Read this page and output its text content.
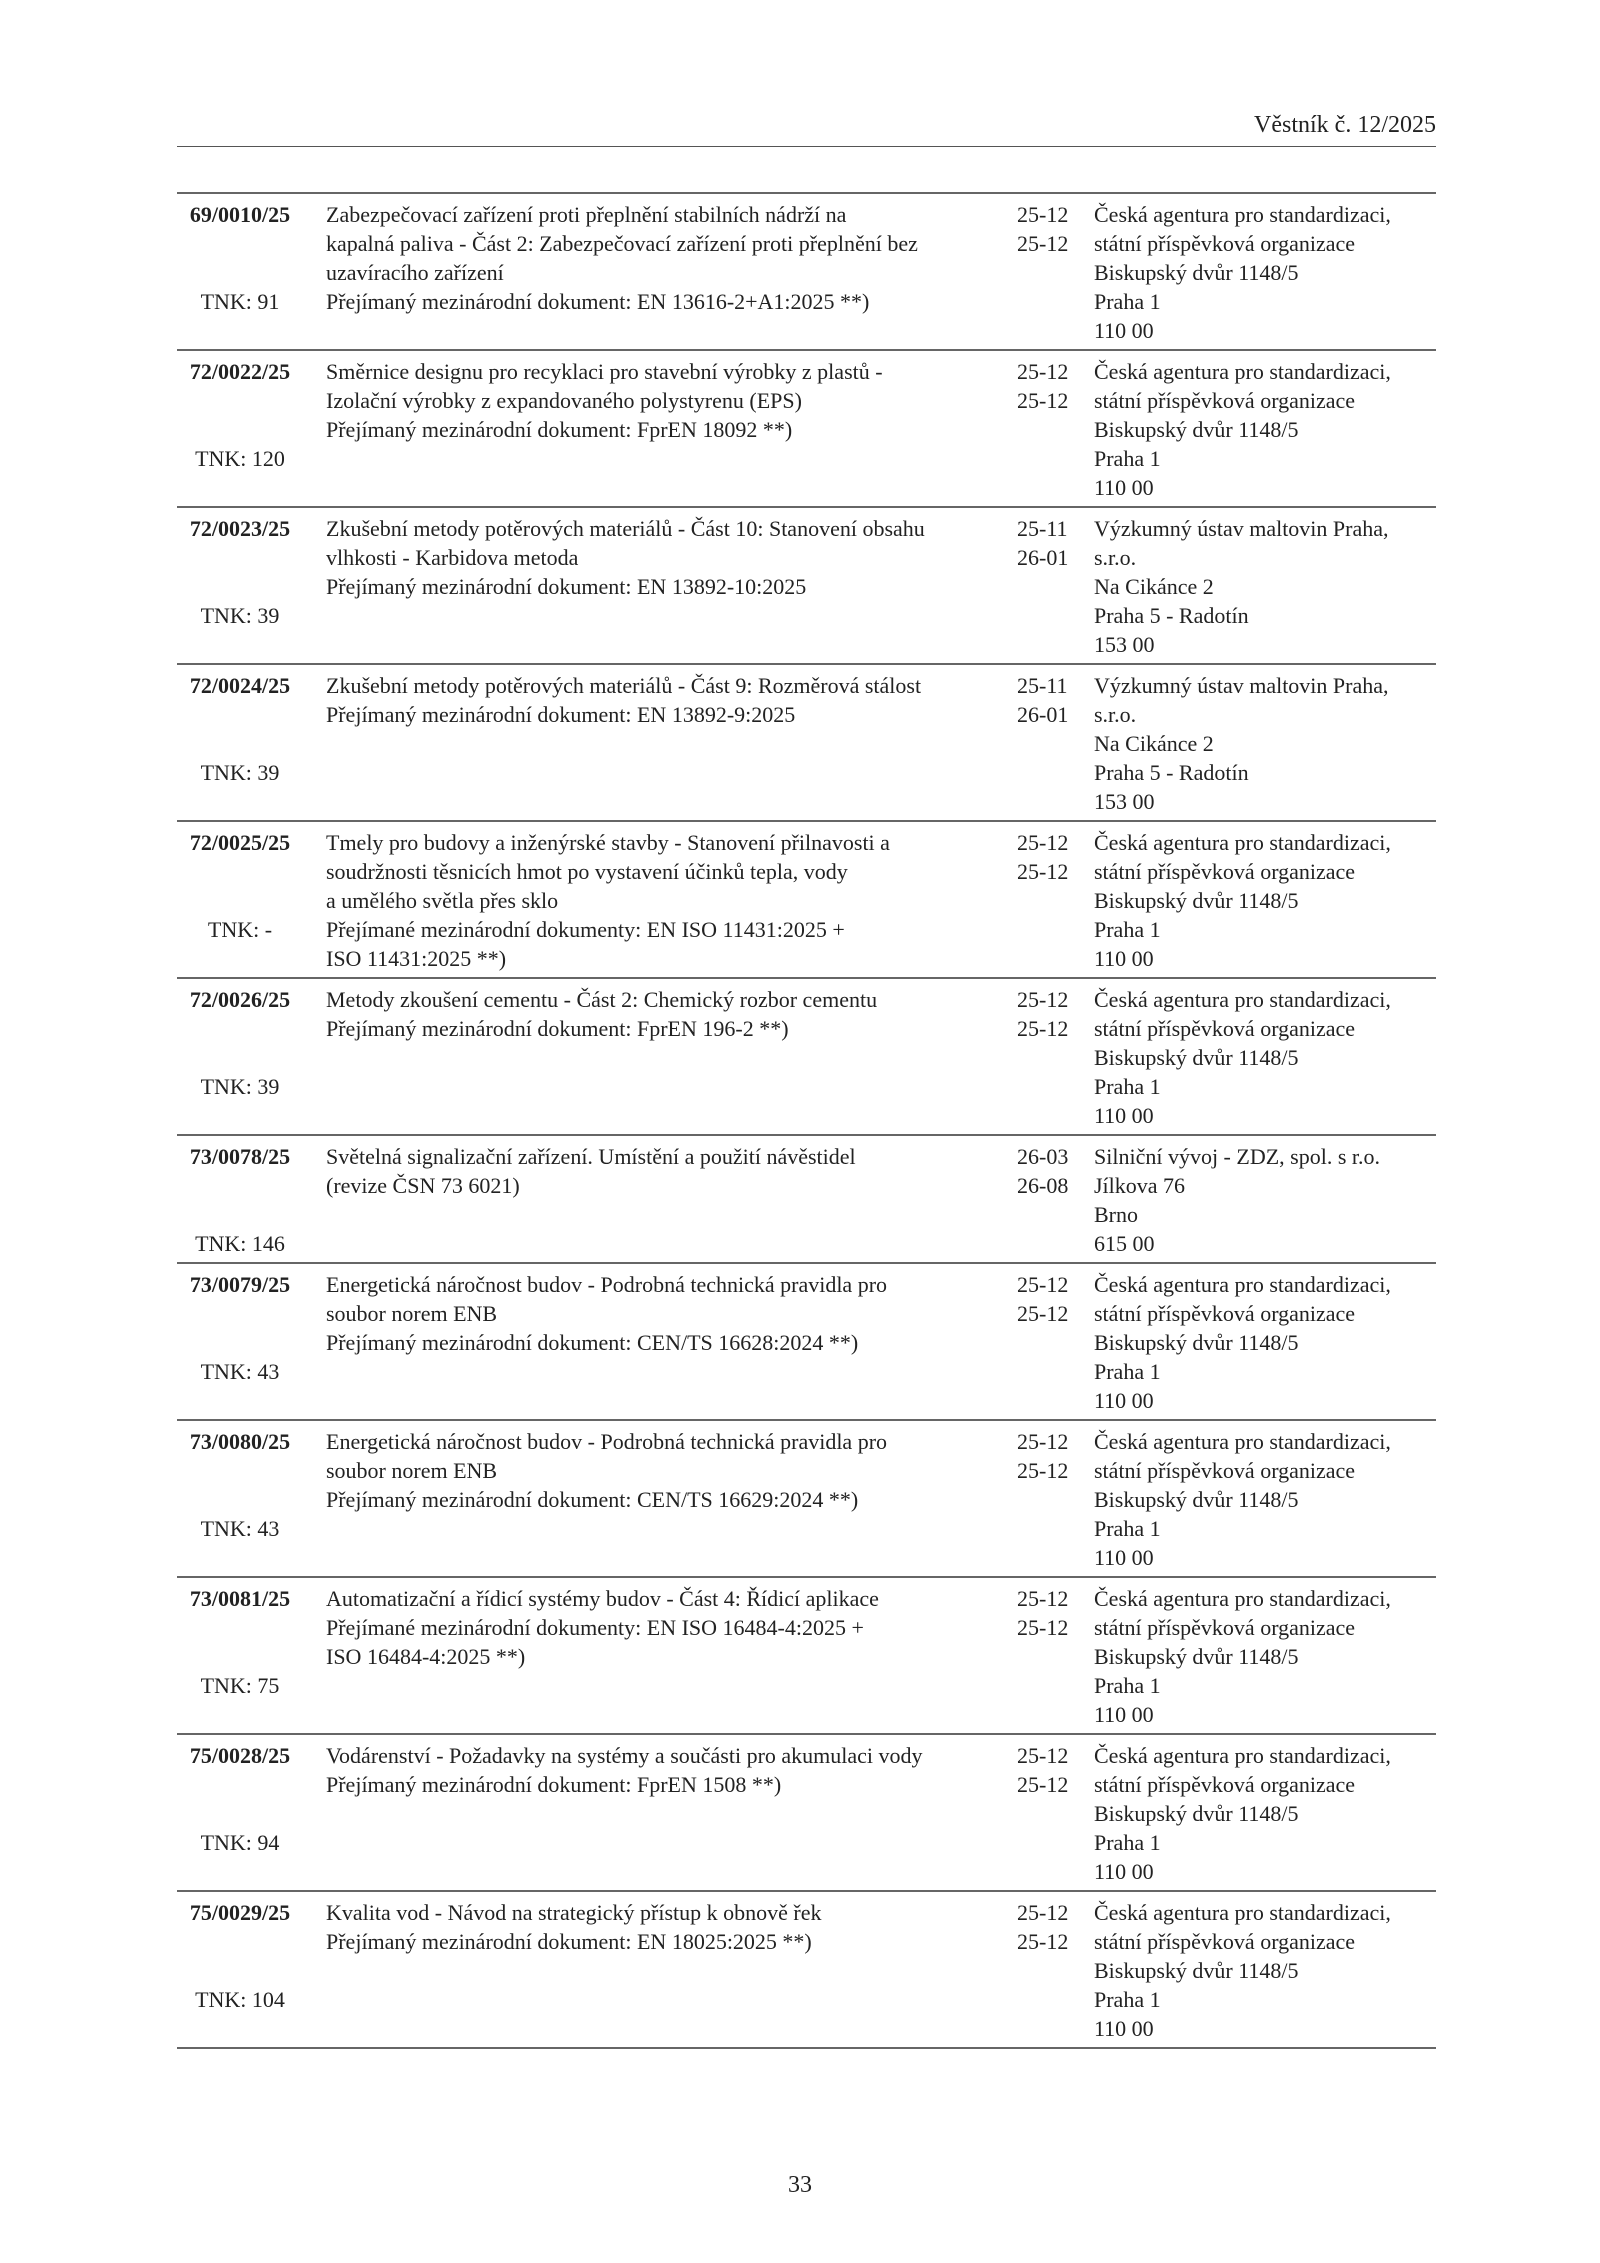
Věstník č. 12/2025
69/0010/25
TNK: 91
Zabezpečovací zařízení proti přeplnění stabilních nádrží na
kapalná paliva - Část 2: Zabezpečovací zařízení proti přeplnění bez
uzavíracího zařízení
Přejímaný mezinárodní dokument: EN 13616-2+A1:2025 **)
25-12
25-12
Česká agentura pro standardizaci,
státní příspěvková organizace
Biskupský dvůr 1148/5
Praha 1
110 00
72/0022/25
TNK: 120
Směrnice designu pro recyklaci pro stavební výrobky z plastů -
Izolační výrobky z expandovaného polystyrenu (EPS)
Přejímaný mezinárodní dokument: FprEN 18092 **)
25-12
25-12
Česká agentura pro standardizaci,
státní příspěvková organizace
Biskupský dvůr 1148/5
Praha 1
110 00
72/0023/25
TNK: 39
Zkušební metody potěrových materiálů - Část 10: Stanovení obsahu
vlhkosti - Karbidova metoda
Přejímaný mezinárodní dokument: EN 13892-10:2025
25-11
26-01
Výzkumný ústav maltovin Praha,
s.r.o.
Na Cikánce 2
Praha 5 - Radotín
153 00
72/0024/25
TNK: 39
Zkušební metody potěrových materiálů - Část 9: Rozměrová stálost
Přejímaný mezinárodní dokument: EN 13892-9:2025
25-11
26-01
Výzkumný ústav maltovin Praha,
s.r.o.
Na Cikánce 2
Praha 5 - Radotín
153 00
72/0025/25
TNK: -
Tmely pro budovy a inženýrské stavby - Stanovení přilnavosti a
soudržnosti těsnicích hmot po vystavení účinků tepla, vody
a umělého světla přes sklo
Přejímané mezinárodní dokumenty: EN ISO 11431:2025 +
ISO 11431:2025 **)
25-12
25-12
Česká agentura pro standardizaci,
státní příspěvková organizace
Biskupský dvůr 1148/5
Praha 1
110 00
72/0026/25
TNK: 39
Metody zkoušení cementu - Část 2: Chemický rozbor cementu
Přejímaný mezinárodní dokument: FprEN 196-2 **)
25-12
25-12
Česká agentura pro standardizaci,
státní příspěvková organizace
Biskupský dvůr 1148/5
Praha 1
110 00
73/0078/25
TNK: 146
Světelná signalizační zařízení. Umístění a použití návěstidel
(revize ČSN 73 6021)
26-03
26-08
Silniční vývoj - ZDZ, spol. s r.o.
Jílkova 76
Brno
615 00
73/0079/25
TNK: 43
Energetická náročnost budov - Podrobná technická pravidla pro
soubor norem ENB
Přejímaný mezinárodní dokument: CEN/TS 16628:2024 **)
25-12
25-12
Česká agentura pro standardizaci,
státní příspěvková organizace
Biskupský dvůr 1148/5
Praha 1
110 00
73/0080/25
TNK: 43
Energetická náročnost budov - Podrobná technická pravidla pro
soubor norem ENB
Přejímaný mezinárodní dokument: CEN/TS 16629:2024 **)
25-12
25-12
Česká agentura pro standardizaci,
státní příspěvková organizace
Biskupský dvůr 1148/5
Praha 1
110 00
73/0081/25
TNK: 75
Automatizační a řídicí systémy budov - Část 4: Řídicí aplikace
Přejímané mezinárodní dokumenty: EN ISO 16484-4:2025 +
ISO 16484-4:2025 **)
25-12
25-12
Česká agentura pro standardizaci,
státní příspěvková organizace
Biskupský dvůr 1148/5
Praha 1
110 00
75/0028/25
TNK: 94
Vodárenství - Požadavky na systémy a součásti pro akumulaci vody
Přejímaný mezinárodní dokument: FprEN 1508 **)
25-12
25-12
Česká agentura pro standardizaci,
státní příspěvková organizace
Biskupský dvůr 1148/5
Praha 1
110 00
75/0029/25
TNK: 104
Kvalita vod - Návod na strategický přístup k obnově řek
Přejímaný mezinárodní dokument: EN 18025:2025 **)
25-12
25-12
Česká agentura pro standardizaci,
státní příspěvková organizace
Biskupský dvůr 1148/5
Praha 1
110 00
33
